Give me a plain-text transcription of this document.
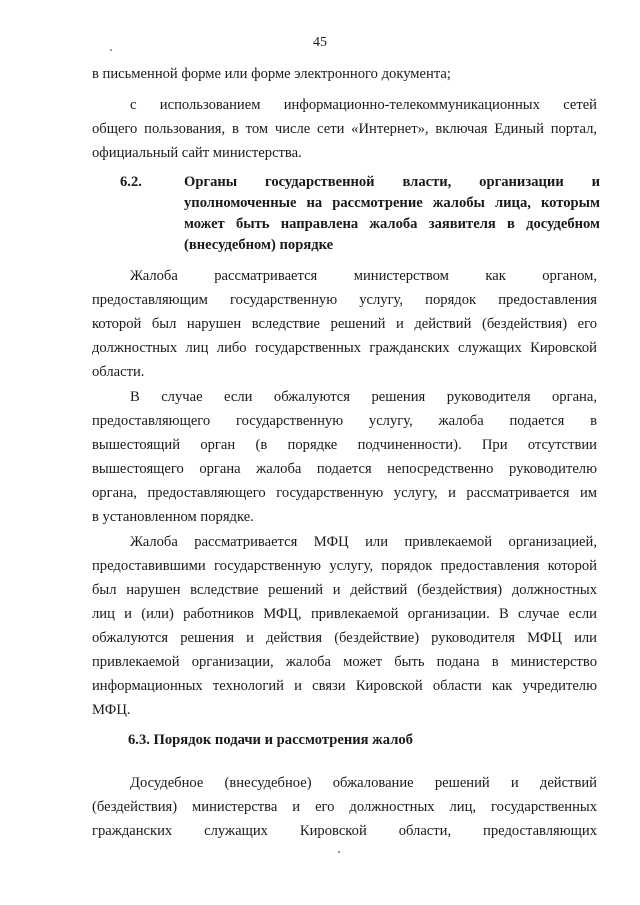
45
в письменной форме или форме электронного документа;
с использованием информационно-телекоммуникационных сетей
общего пользования, в том числе сети «Интернет», включая Единый портал,
официальный сайт министерства.
6.2.	Органы государственной власти, организации и уполномоченные на рассмотрение жалобы лица, которым может быть направлена жалоба заявителя в досудебном (внесудебном) порядке
Жалоба рассматривается министерством как органом,
предоставляющим государственную услугу, порядок предоставления
которой был нарушен вследствие решений и действий (бездействия) его
должностных лиц либо государственных гражданских служащих Кировской
области.
В случае если обжалуются решения руководителя органа,
предоставляющего государственную услугу, жалоба подается в
вышестоящий орган (в порядке подчиненности). При отсутствии
вышестоящего органа жалоба подается непосредственно руководителю
органа, предоставляющего государственную услугу, и рассматривается им
в установленном порядке.
Жалоба рассматривается МФЦ или привлекаемой организацией,
предоставившими государственную услугу, порядок предоставления которой
был нарушен вследствие решений и действий (бездействия) должностных
лиц и (или) работников МФЦ, привлекаемой организации. В случае если
обжалуются решения и действия (бездействие) руководителя МФЦ или
привлекаемой организации, жалоба может быть подана в министерство
информационных технологий и связи Кировской области как учредителю
МФЦ.
6.3. Порядок подачи и рассмотрения жалоб
Досудебное (внесудебное) обжалование решений и действий
(бездействия) министерства и его должностных лиц, государственных
гражданских служащих Кировской области, предоставляющих
